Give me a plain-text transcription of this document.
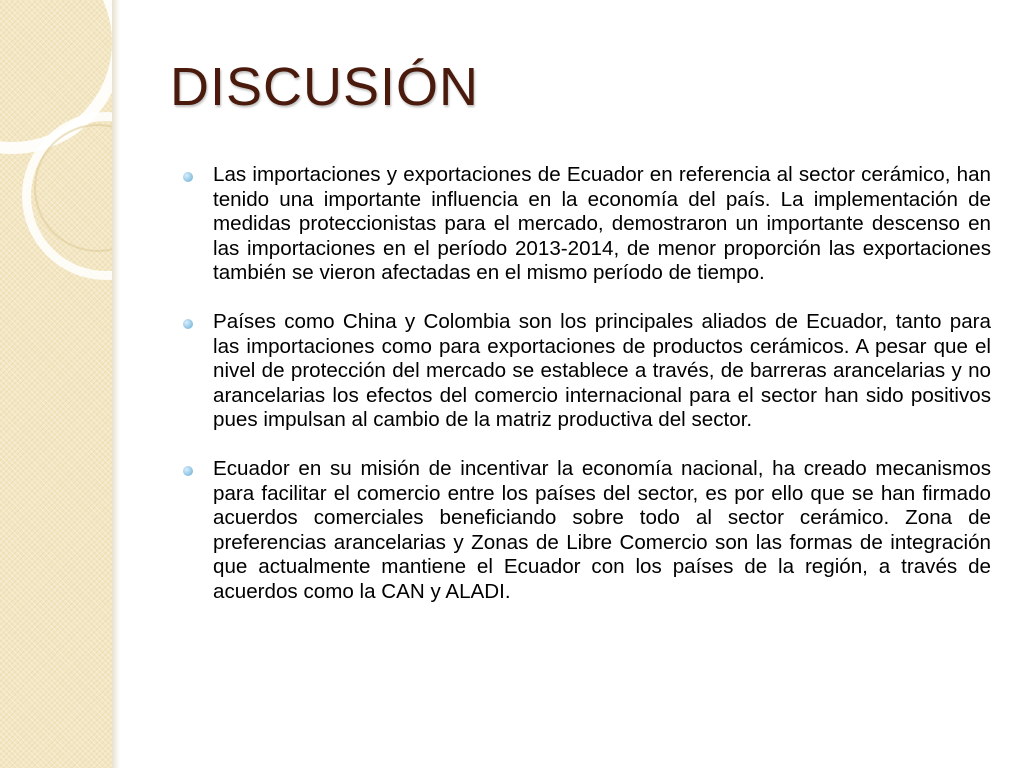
DISCUSIÓN

Las importaciones y exportaciones de Ecuador en referencia al sector cerámico, han tenido una importante influencia en la economía del país. La implementación de medidas proteccionistas para el mercado, demostraron un importante descenso en las importaciones en el período 2013-2014, de menor proporción las exportaciones también se vieron afectadas en el mismo período de tiempo.

Países como China y Colombia son los principales aliados de Ecuador, tanto para las importaciones como para exportaciones de productos cerámicos. A pesar que el nivel de protección del mercado se establece a través, de barreras arancelarias y no arancelarias los efectos del comercio internacional para el sector han sido positivos pues impulsan al cambio de la matriz productiva del sector.

Ecuador en su misión de incentivar la economía nacional, ha creado mecanismos para facilitar el comercio entre los países del sector, es por ello que se han firmado acuerdos comerciales beneficiando sobre todo al sector cerámico. Zona de preferencias arancelarias y Zonas de Libre Comercio son las formas de integración que actualmente mantiene el Ecuador con los países de la región, a través de acuerdos como la CAN y ALADI.
